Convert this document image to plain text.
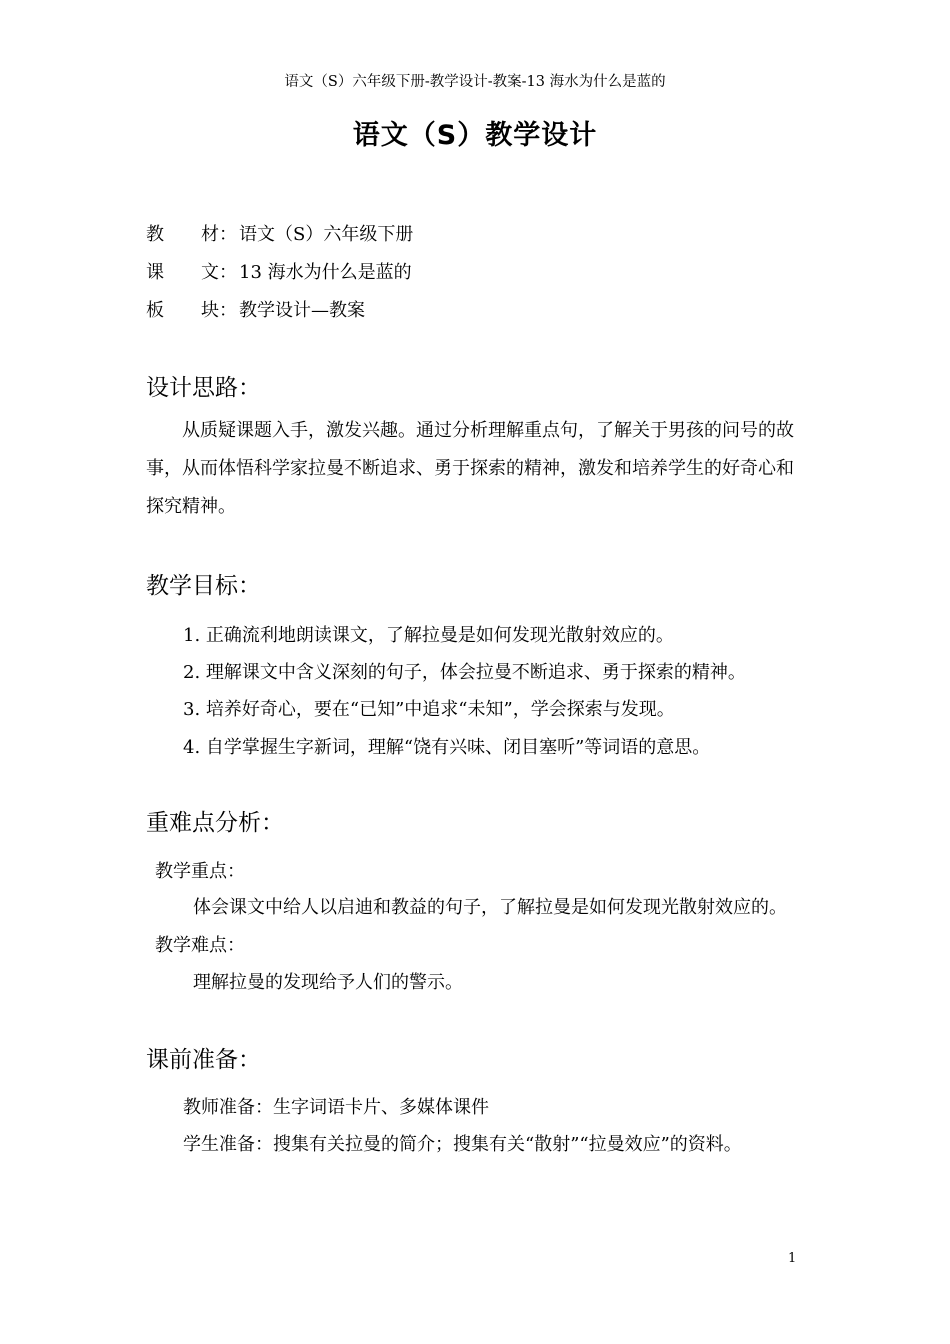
语文（S）六年级下册-教学设计-教案-13 海水为什么是蓝的
语文（S）教学设计
教 材： 语文（S）六年级下册
课 文： 13 海水为什么是蓝的
板 块： 教学设计—教案
设计思路：
从质疑课题入手，激发兴趣。通过分析理解重点句，了解关于男孩的问号的故事，从而体悟科学家拉曼不断追求、勇于探索的精神，激发和培养学生的好奇心和探究精神。
教学目标：
1. 正确流利地朗读课文，了解拉曼是如何发现光散射效应的。
2. 理解课文中含义深刻的句子，体会拉曼不断追求、勇于探索的精神。
3. 培养好奇心，要在“已知”中追求“未知”，学会探索与发现。
4. 自学掌握生字新词，理解“饶有兴味、闭目塞听”等词语的意思。
重难点分析：
教学重点：
体会课文中给人以启迪和教益的句子，了解拉曼是如何发现光散射效应的。
教学难点：
理解拉曼的发现给予人们的警示。
课前准备：
教师准备：生字词语卡片、多媒体课件
学生准备：搜集有关拉曼的简介；搜集有关“散射”“拉曼效应”的资料。
1
